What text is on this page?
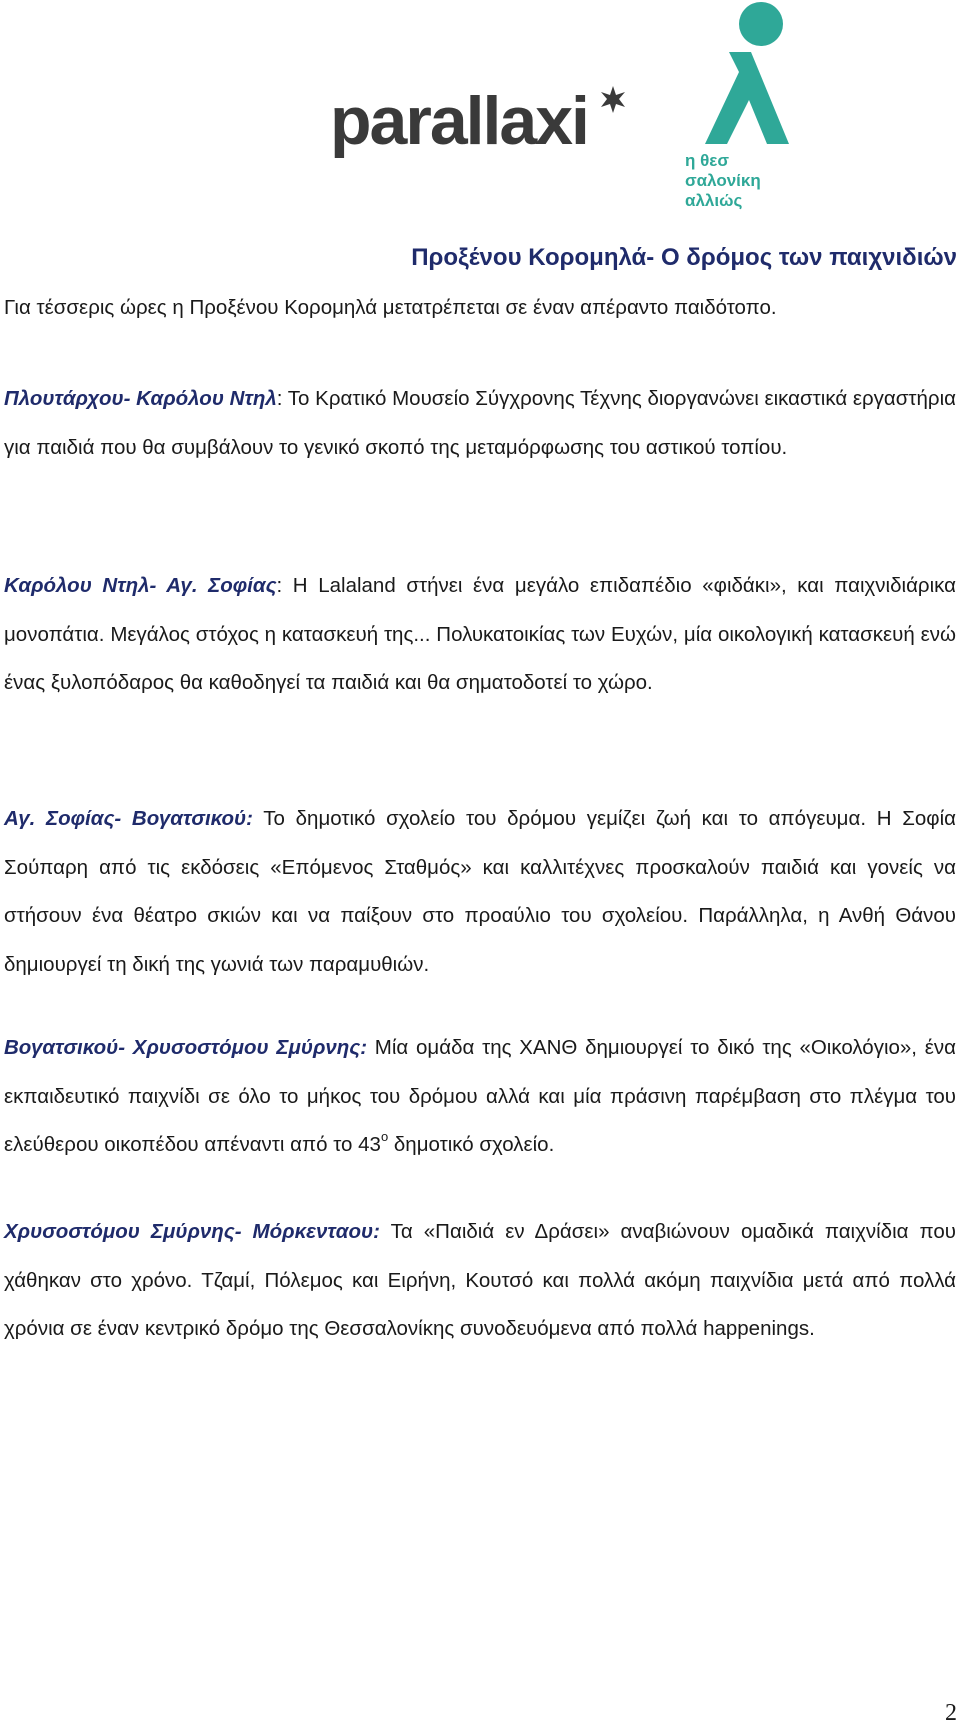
parallaxi
η θεσ
σαλονίκη
αλλιώς
Προξένου Κορομηλά- Ο δρόμος των παιχνιδιών

Για τέσσερις ώρες η Προξένου Κορομηλά μετατρέπεται σε έναν απέραντο παιδότοπο.

Πλουτάρχου- Καρόλου Ντηλ: Το Κρατικό Μουσείο Σύγχρονης Τέχνης διοργανώνει εικαστικά εργαστήρια για παιδιά που θα συμβάλουν το γενικό σκοπό της μεταμόρφωσης του αστικού τοπίου.

Καρόλου Ντηλ- Αγ. Σοφίας: Η Lalaland στήνει ένα μεγάλο επιδαπέδιο «φιδάκι», και παιχνιδιάρικα μονοπάτια. Μεγάλος στόχος η κατασκευή της... Πολυκατοικίας των Ευχών, μία οικολογική κατασκευή ενώ ένας ξυλοπόδαρος θα καθοδηγεί τα παιδιά και θα σηματοδοτεί το χώρο.

Αγ. Σοφίας- Βογατσικού: Το δημοτικό σχολείο του δρόμου γεμίζει ζωή και το απόγευμα. Η Σοφία Σούπαρη από τις εκδόσεις «Επόμενος Σταθμός» και καλλιτέχνες προσκαλούν παιδιά και γονείς να στήσουν ένα θέατρο σκιών και να παίξουν στο προαύλιο του σχολείου. Παράλληλα, η Ανθή Θάνου δημιουργεί τη δική της γωνιά των παραμυθιών.

Βογατσικού- Χρυσοστόμου Σμύρνης: Μία ομάδα της ΧΑΝΘ δημιουργεί το δικό της «Οικολόγιο», ένα εκπαιδευτικό παιχνίδι σε όλο το μήκος του δρόμου αλλά και μία πράσινη παρέμβαση στο πλέγμα του ελεύθερου οικοπέδου απέναντι από το $43^o$ δημοτικό σχολείο.

Χρυσοστόμου Σμύρνης- Μόρκενταου: Τα «Παιδιά εν Δράσει» αναβιώνουν ομαδικά παιχνίδια που χάθηκαν στο χρόνο. Τζαμί, Πόλεμος και Ειρήνη, Κουτσό και πολλά ακόμη παιχνίδια μετά από πολλά χρόνια σε έναν κεντρικό δρόμο της Θεσσαλονίκης συνοδευόμενα από πολλά happenings.

2
